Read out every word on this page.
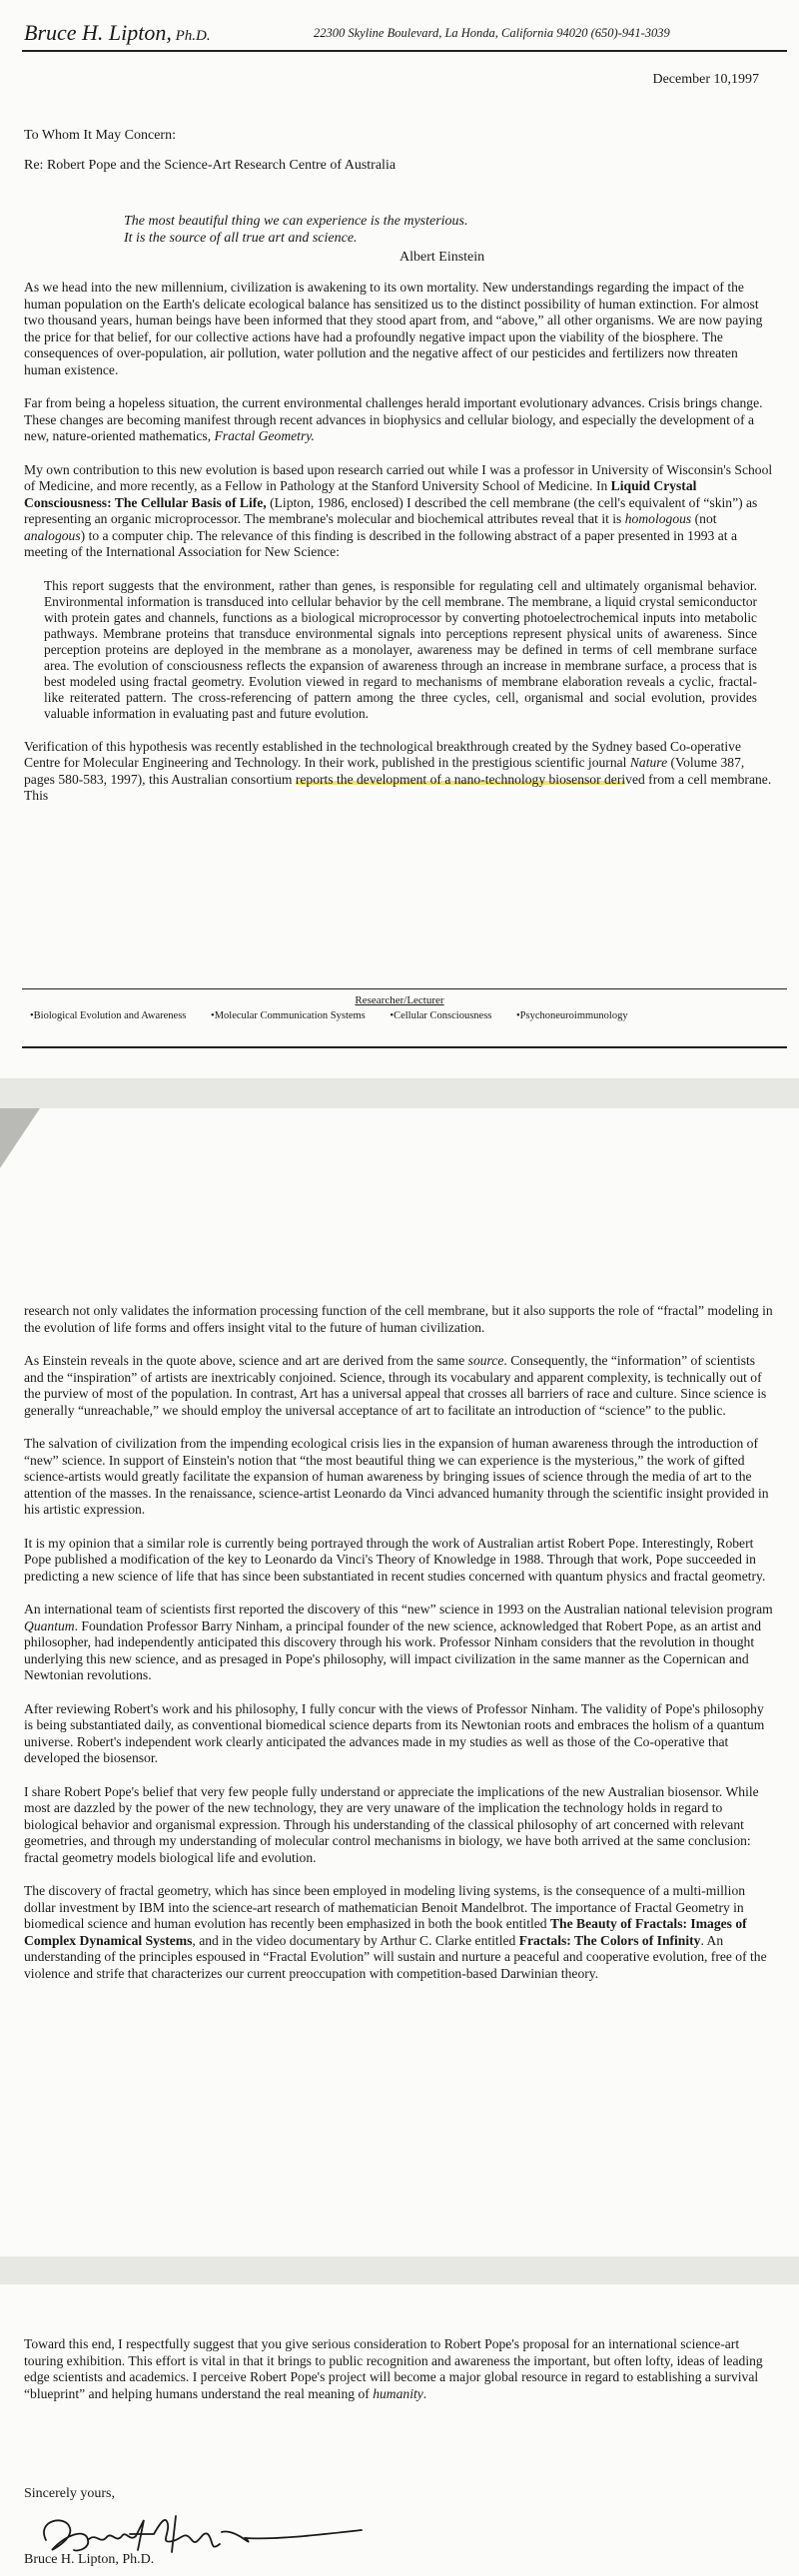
Bruce H. Lipton, Ph.D.	22300 Skyline Boulevard, La Honda, California 94020 (650)-941-3039
December 10,1997
To Whom It May Concern:
Re: Robert Pope and the Science-Art Research Centre of Australia
The most beautiful thing we can experience is the mysterious.
It is the source of all true art and science.
Albert Einstein

As we head into the new millennium, civilization is awakening to its own mortality. New understandings regarding the impact of the human population on the Earth's delicate ecological balance has sensitized us to the distinct possibility of human extinction. For almost two thousand years, human beings have been informed that they stood apart from, and “above,” all other organisms. We are now paying the price for that belief, for our collective actions have had a profoundly negative impact upon the viability of the biosphere. The consequences of over-population, air pollution, water pollution and the negative affect of our pesticides and fertilizers now threaten human existence.

Far from being a hopeless situation, the current environmental challenges herald important evolutionary advances. Crisis brings change. These changes are becoming manifest through recent advances in biophysics and cellular biology, and especially the development of a new, nature-oriented mathematics, Fractal Geometry.

My own contribution to this new evolution is based upon research carried out while I was a professor in University of Wisconsin's School of Medicine, and more recently, as a Fellow in Pathology at the Stanford University School of Medicine. In Liquid Crystal Consciousness: The Cellular Basis of Life, (Lipton, 1986, enclosed) I described the cell membrane (the cell's equivalent of “skin”) as representing an organic microprocessor. The membrane's molecular and biochemical attributes reveal that it is homologous (not analogous) to a computer chip. The relevance of this finding is described in the following abstract of a paper presented in 1993 at a meeting of the International Association for New Science:

This report suggests that the environment, rather than genes, is responsible for regulating cell and ultimately organismal behavior. Environmental information is transduced into cellular behavior by the cell membrane. The membrane, a liquid crystal semiconductor with protein gates and channels, functions as a biological microprocessor by converting photoelectrochemical inputs into metabolic pathways. Membrane proteins that transduce environmental signals into perceptions represent physical units of awareness. Since perception proteins are deployed in the membrane as a monolayer, awareness may be defined in terms of cell membrane surface area. The evolution of consciousness reflects the expansion of awareness through an increase in membrane surface, a process that is best modeled using fractal geometry. Evolution viewed in regard to mechanisms of membrane elaboration reveals a cyclic, fractal-like reiterated pattern. The cross-referencing of pattern among the three cycles, cell, organismal and social evolution, provides valuable information in evaluating past and future evolution.

Verification of this hypothesis was recently established in the technological breakthrough created by the Sydney based Co-operative Centre for Molecular Engineering and Technology. In their work, published in the prestigious scientific journal Nature (Volume 387, pages 580-583, 1997), this Australian consortium reports the development of a nano-technology biosensor derived from a cell membrane. This

Researcher/Lecturer
•Biological Evolution and Awareness •Molecular Communication Systems •Cellular Consciousness •Psychoneuroimmunology

research not only validates the information processing function of the cell membrane, but it also supports the role of “fractal” modeling in the evolution of life forms and offers insight vital to the future of human civilization.

As Einstein reveals in the quote above, science and art are derived from the same source. Consequently, the “information” of scientists and the “inspiration” of artists are inextricably conjoined. Science, through its vocabulary and apparent complexity, is technically out of the purview of most of the population. In contrast, Art has a universal appeal that crosses all barriers of race and culture. Since science is generally “unreachable,” we should employ the universal acceptance of art to facilitate an introduction of “science” to the public.

The salvation of civilization from the impending ecological crisis lies in the expansion of human awareness through the introduction of “new” science. In support of Einstein's notion that “the most beautiful thing we can experience is the mysterious,” the work of gifted science-artists would greatly facilitate the expansion of human awareness by bringing issues of science through the media of art to the attention of the masses. In the renaissance, science-artist Leonardo da Vinci advanced humanity through the scientific insight provided in his artistic expression.

It is my opinion that a similar role is currently being portrayed through the work of Australian artist Robert Pope. Interestingly, Robert Pope published a modification of the key to Leonardo da Vinci's Theory of Knowledge in 1988. Through that work, Pope succeeded in predicting a new science of life that has since been substantiated in recent studies concerned with quantum physics and fractal geometry.

An international team of scientists first reported the discovery of this “new” science in 1993 on the Australian national television program Quantum. Foundation Professor Barry Ninham, a principal founder of the new science, acknowledged that Robert Pope, as an artist and philosopher, had independently anticipated this discovery through his work. Professor Ninham considers that the revolution in thought underlying this new science, and as presaged in Pope's philosophy, will impact civilization in the same manner as the Copernican and Newtonian revolutions.

After reviewing Robert's work and his philosophy, I fully concur with the views of Professor Ninham. The validity of Pope's philosophy is being substantiated daily, as conventional biomedical science departs from its Newtonian roots and embraces the holism of a quantum universe. Robert's independent work clearly anticipated the advances made in my studies as well as those of the Co-operative that developed the biosensor.

I share Robert Pope's belief that very few people fully understand or appreciate the implications of the new Australian biosensor. While most are dazzled by the power of the new technology, they are very unaware of the implication the technology holds in regard to biological behavior and organismal expression. Through his understanding of the classical philosophy of art concerned with relevant geometries, and through my understanding of molecular control mechanisms in biology, we have both arrived at the same conclusion: fractal geometry models biological life and evolution.

The discovery of fractal geometry, which has since been employed in modeling living systems, is the consequence of a multi-million dollar investment by IBM into the science-art research of mathematician Benoit Mandelbrot. The importance of Fractal Geometry in biomedical science and human evolution has recently been emphasized in both the book entitled The Beauty of Fractals: Images of Complex Dynamical Systems, and in the video documentary by Arthur C. Clarke entitled Fractals: The Colors of Infinity. An understanding of the principles espoused in “Fractal Evolution” will sustain and nurture a peaceful and cooperative evolution, free of the violence and strife that characterizes our current preoccupation with competition-based Darwinian theory.

Toward this end, I respectfully suggest that you give serious consideration to Robert Pope's proposal for an international science-art touring exhibition. This effort is vital in that it brings to public recognition and awareness the important, but often lofty, ideas of leading edge scientists and academics. I perceive Robert Pope's project will become a major global resource in regard to establishing a survival “blueprint” and helping humans understand the real meaning of humanity.

Sincerely yours,
Bruce H. Lipton, Ph.D.
